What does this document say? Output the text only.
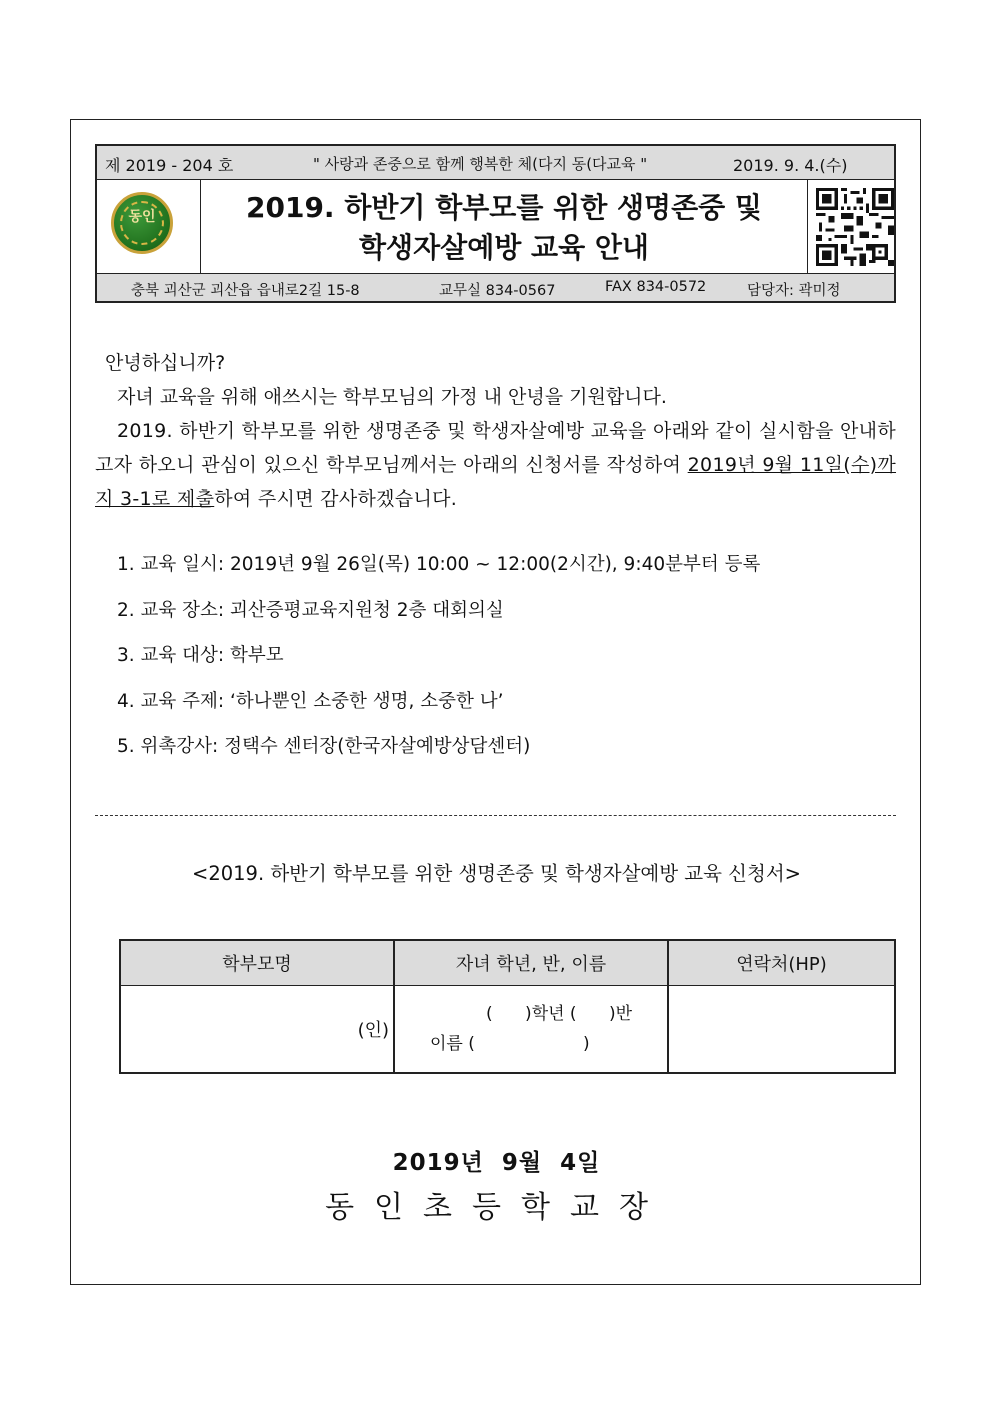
제 2019 - 204 호	" 사랑과 존중으로 함께 행복한 체(다지 동(다교육 "	2019. 9. 4.(수)
동인	2019. 하반기 학부모를 위한 생명존중 및
학생자살예방 교육 안내
충북 괴산군 괴산읍 읍내로2길 15-8	교무실 834-0567	FAX 834-0572	담당자: 곽미정

안녕하십니까?

자녀 교육을 위해 애쓰시는 학부모님의 가정 내 안녕을 기원합니다.

2019. 하반기 학부모를 위한 생명존중 및 학생자살예방 교육을 아래와 같이 실시함을 안내하고자 하오니 관심이 있으신 학부모님께서는 아래의 신청서를 작성하여 2019년 9월 11일(수)까지 3-1로 제출하여 주시면 감사하겠습니다.

1. 교육 일시: 2019년 9월 26일(목) 10:00 ~ 12:00(2시간), 9:40분부터 등록
2. 교육 장소: 괴산증평교육지원청 2층 대회의실
3. 교육 대상: 학부모
4. 교육 주제: ‘하나뿐인 소중한 생명, 소중한 나’
5. 위촉강사: 정택수 센터장(한국자살예방상담센터)
<2019. 하반기 학부모를 위한 생명존중 및 학생자살예방 교육 신청서>
학부모명	자녀 학년, 반, 이름	연락처(HP)
(인)	(      )학년 (      )반
이름 (                    )	

2019년  9월  4일
동인초등학교장
